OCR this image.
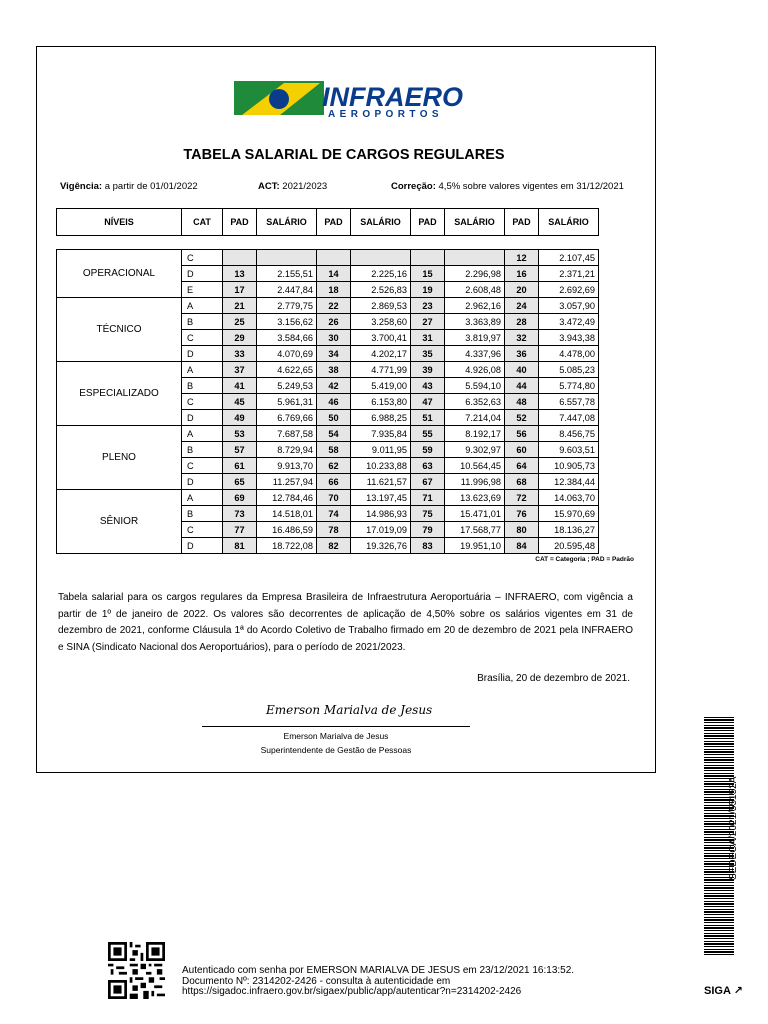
INFRAERO
AEROPORTOS
TABELA SALARIAL DE CARGOS REGULARES
Vigência: a partir de 01/01/2022	ACT: 2021/2023	Correção: 4,5% sobre valores vigentes em 31/12/2021
NÍVEIS	CAT	PAD	SALÁRIO	PAD	SALÁRIO	PAD	SALÁRIO	PAD	SALÁRIO
OPERACIONAL	C							12	2.107,45
	D	13	2.155,51	14	2.225,16	15	2.296,98	16	2.371,21
	E	17	2.447,84	18	2.526,83	19	2.608,48	20	2.692,69
TÉCNICO	A	21	2.779,75	22	2.869,53	23	2.962,16	24	3.057,90
	B	25	3.156,62	26	3.258,60	27	3.363,89	28	3.472,49
	C	29	3.584,66	30	3.700,41	31	3.819,97	32	3.943,38
	D	33	4.070,69	34	4.202,17	35	4.337,96	36	4.478,00
ESPECIALIZADO	A	37	4.622,65	38	4.771,99	39	4.926,08	40	5.085,23
	B	41	5.249,53	42	5.419,00	43	5.594,10	44	5.774,80
	C	45	5.961,31	46	6.153,80	47	6.352,63	48	6.557,78
	D	49	6.769,66	50	6.988,25	51	7.214,04	52	7.447,08
PLENO	A	53	7.687,58	54	7.935,84	55	8.192,17	56	8.456,75
	B	57	8.729,94	58	9.011,95	59	9.302,97	60	9.603,51
	C	61	9.913,70	62	10.233,88	63	10.564,45	64	10.905,73
	D	65	11.257,94	66	11.621,57	67	11.996,98	68	12.384,44
SÊNIOR	A	69	12.784,46	70	13.197,45	71	13.623,69	72	14.063,70
	B	73	14.518,01	74	14.986,93	75	15.471,01	76	15.970,69
	C	77	16.486,59	78	17.019,09	79	17.568,77	80	18.136,27
	D	81	18.722,08	82	19.326,76	83	19.951,10	84	20.595,48
CAT = Categoria ; PAD = Padrão
Tabela salarial para os cargos regulares da Empresa Brasileira de Infraestrutura Aeroportuária – INFRAERO, com vigência a partir de 1º de janeiro de 2022. Os valores são decorrentes de aplicação de 4,50% sobre os salários vigentes em 31 de dezembro de 2021, conforme Cláusula 1ª do Acordo Coletivo de Trabalho firmado em 20 de dezembro de 2021 pela INFRAERO e SINA (Sindicato Nacional dos Aeroportuários), para o período de 2021/2023.
Brasília, 20 de dezembro de 2021.
Emerson Marialva de Jesus
Emerson Marialva de Jesus
Superintendente de Gestão de Pessoas
SEDECA/2021/55152A
Autenticado com senha por EMERSON MARIALVA DE JESUS em 23/12/2021 16:13:52.
Documento Nº: 2314202-2426 - consulta à autenticidade em
https://sigadoc.infraero.gov.br/sigaex/public/app/autenticar?n=2314202-2426	SIGA ↗
